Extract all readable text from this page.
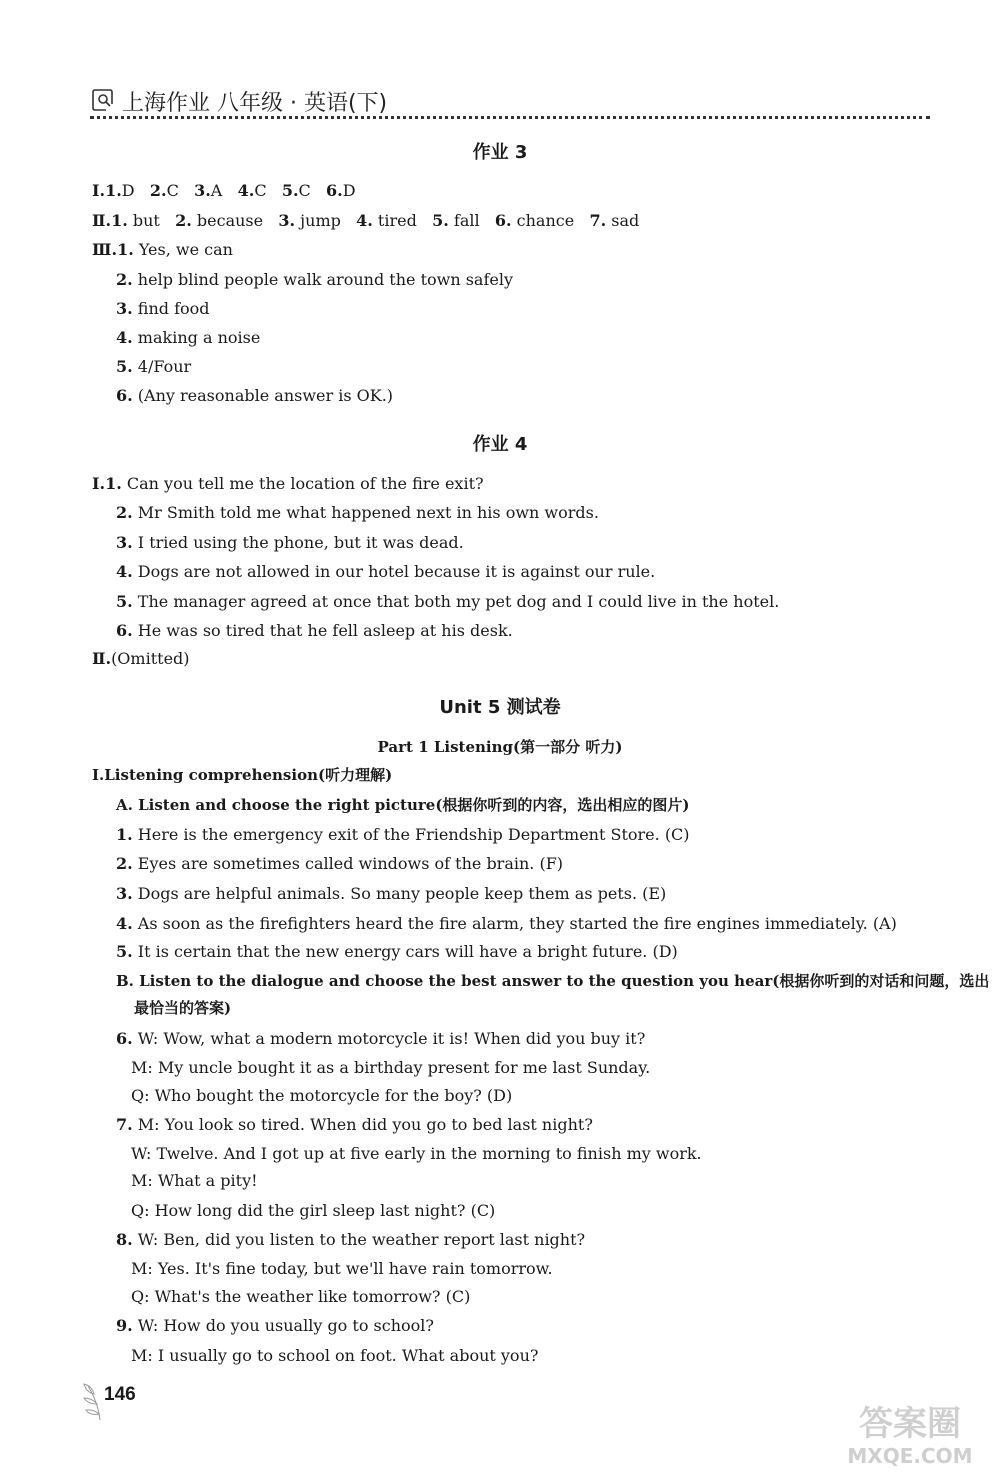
上海作业 八年级 · 英语(下)
作业 3
Ⅰ.1.D 2.C 3.A 4.C 5.C 6.D
Ⅱ.1. but 2. because 3. jump 4. tired 5. fall 6. chance 7. sad
Ⅲ.1. Yes, we can
2. help blind people walk around the town safely
3. find food
4. making a noise
5. 4/Four
6. (Any reasonable answer is OK.)
作业 4
Ⅰ.1. Can you tell me the location of the fire exit?
2. Mr Smith told me what happened next in his own words.
3. I tried using the phone, but it was dead.
4. Dogs are not allowed in our hotel because it is against our rule.
5. The manager agreed at once that both my pet dog and I could live in the hotel.
6. He was so tired that he fell asleep at his desk.
Ⅱ.(Omitted)
Unit 5 测试卷
Part 1 Listening(第一部分 听力)
Ⅰ.Listening comprehension(听力理解)
A. Listen and choose the right picture(根据你听到的内容，选出相应的图片)
1. Here is the emergency exit of the Friendship Department Store. (C)
2. Eyes are sometimes called windows of the brain. (F)
3. Dogs are helpful animals. So many people keep them as pets. (E)
4. As soon as the firefighters heard the fire alarm, they started the fire engines immediately. (A)
5. It is certain that the new energy cars will have a bright future. (D)
B. Listen to the dialogue and choose the best answer to the question you hear(根据你听到的对话和问题，选出
最恰当的答案)
6. W: Wow, what a modern motorcycle it is! When did you buy it?
M: My uncle bought it as a birthday present for me last Sunday.
Q: Who bought the motorcycle for the boy? (D)
7. M: You look so tired. When did you go to bed last night?
W: Twelve. And I got up at five early in the morning to finish my work.
M: What a pity!
Q: How long did the girl sleep last night? (C)
8. W: Ben, did you listen to the weather report last night?
M: Yes. It's fine today, but we'll have rain tomorrow.
Q: What's the weather like tomorrow? (C)
9. W: How do you usually go to school?
M: I usually go to school on foot. What about you?
146
答案圈
MXQE.COM
